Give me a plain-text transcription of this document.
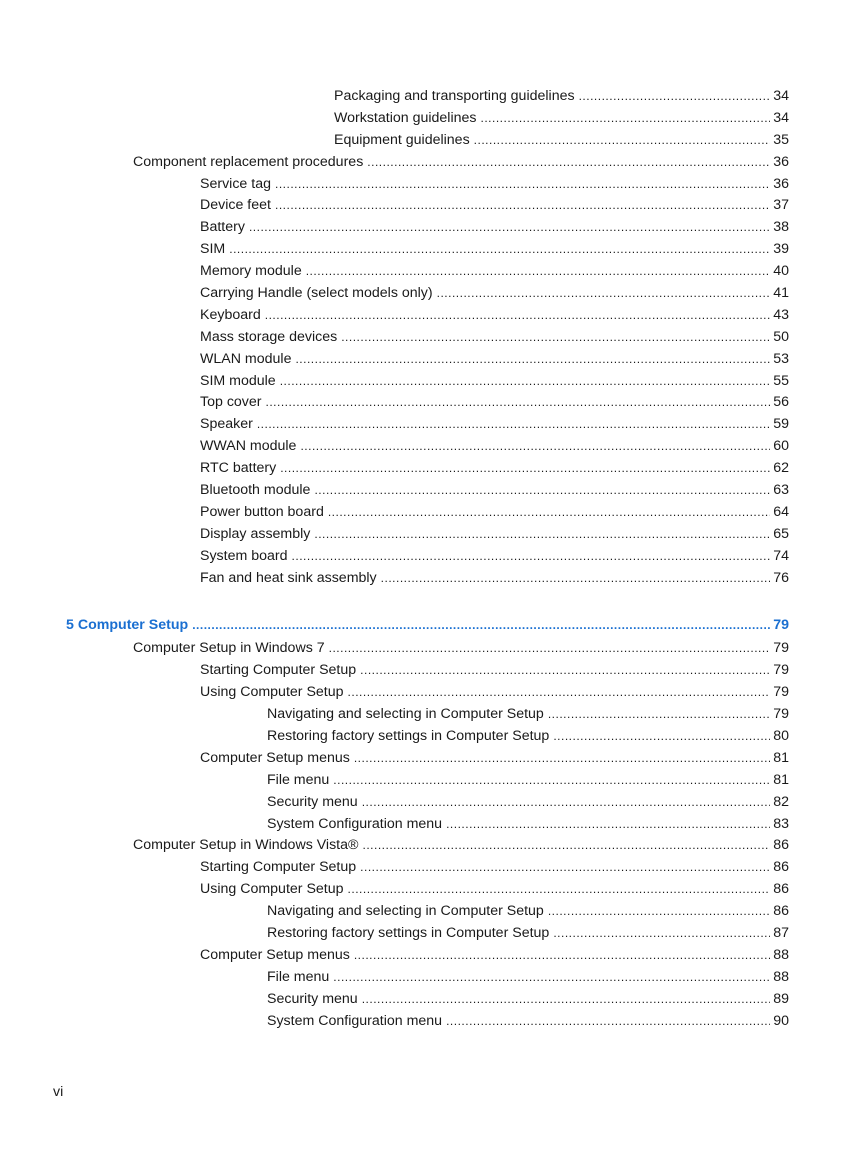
Packaging and transporting guidelines .....	34
Workstation guidelines .....	34
Equipment guidelines .....	35
Component replacement procedures .....	36
Service tag .....	36
Device feet .....	37
Battery .....	38
SIM .....	39
Memory module .....	40
Carrying Handle (select models only) .....	41
Keyboard .....	43
Mass storage devices .....	50
WLAN module .....	53
SIM module .....	55
Top cover .....	56
Speaker .....	59
WWAN module .....	60
RTC battery .....	62
Bluetooth module .....	63
Power button board .....	64
Display assembly .....	65
System board .....	74
Fan and heat sink assembly .....	76
5 Computer Setup .....	79
Computer Setup in Windows 7 .....	79
Starting Computer Setup .....	79
Using Computer Setup .....	79
Navigating and selecting in Computer Setup .....	79
Restoring factory settings in Computer Setup .....	80
Computer Setup menus .....	81
File menu .....	81
Security menu .....	82
System Configuration menu .....	83
Computer Setup in Windows Vista® .....	86
Starting Computer Setup .....	86
Using Computer Setup .....	86
Navigating and selecting in Computer Setup .....	86
Restoring factory settings in Computer Setup .....	87
Computer Setup menus .....	88
File menu .....	88
Security menu .....	89
System Configuration menu .....	90
vi
